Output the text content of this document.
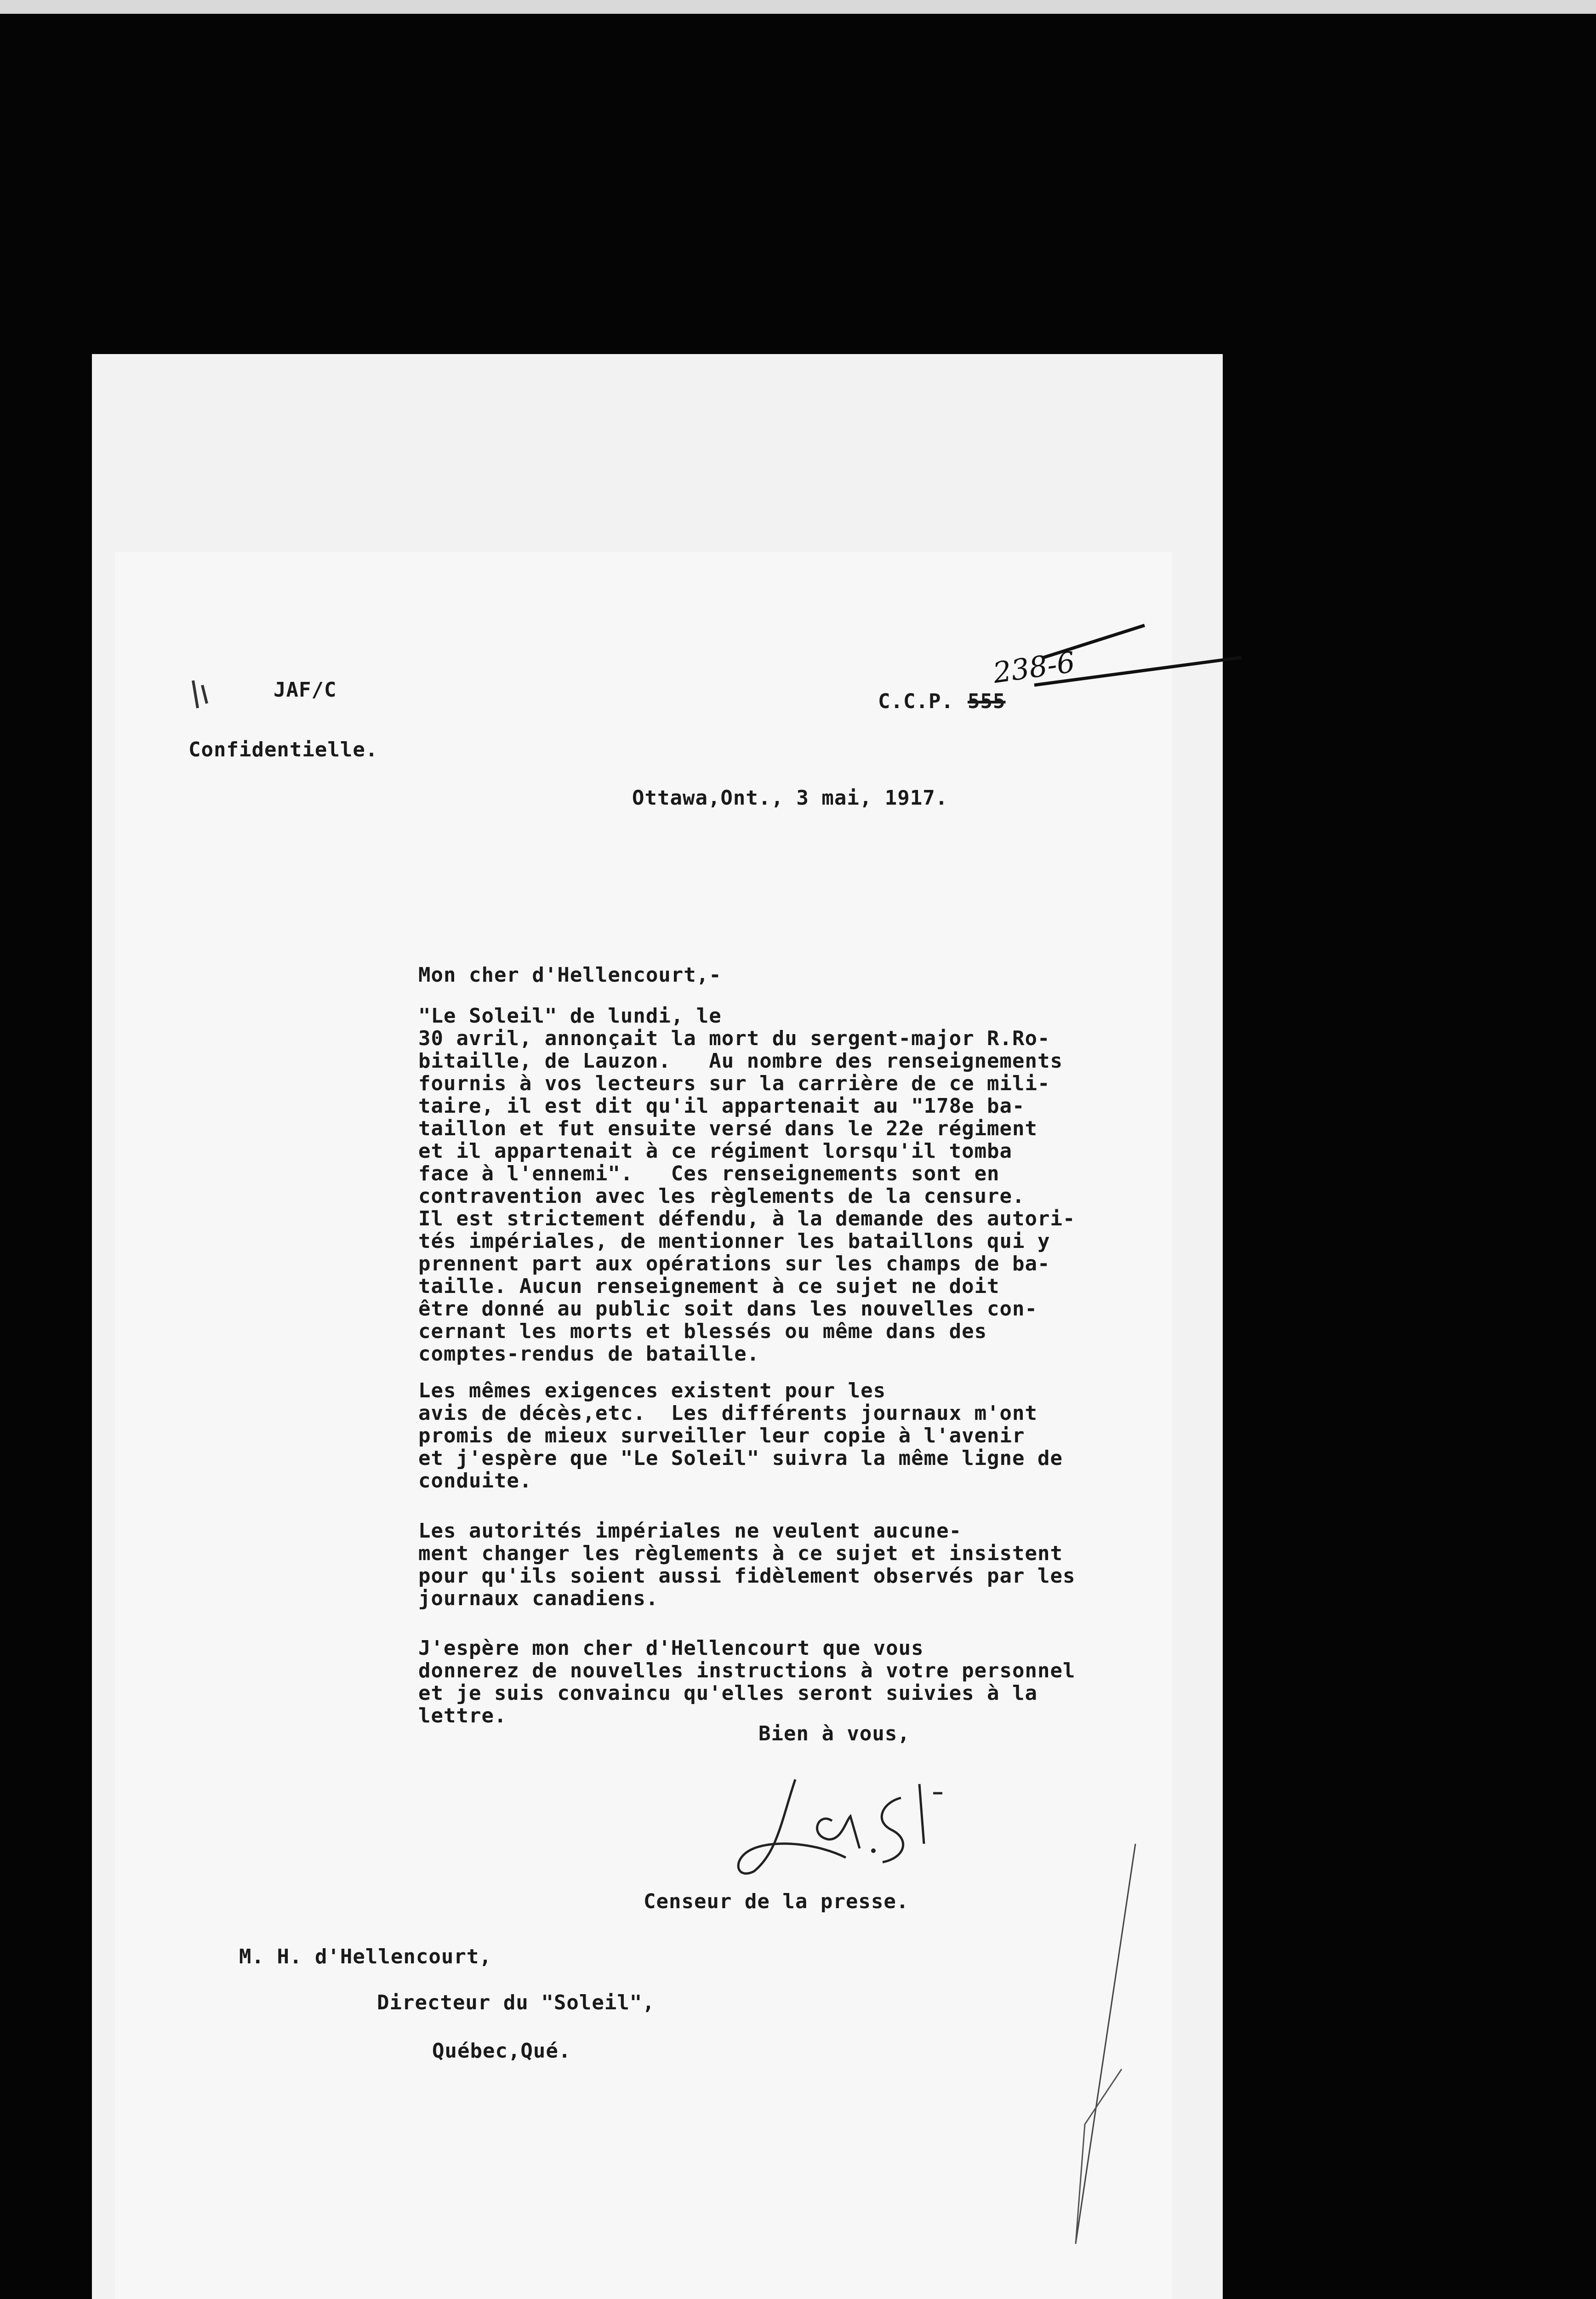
JAF/C
238-6
C.C.P. 555
Confidentielle.
Ottawa,Ont., 3 mai, 1917.
Mon cher d'Hellencourt,-
"Le Soleil" de lundi, le
30 avril, annonçait la mort du sergent-major R.Ro-
bitaille, de Lauzon.   Au nombre des renseignements
fournis à vos lecteurs sur la carrière de ce mili-
taire, il est dit qu'il appartenait au "178e ba-
taillon et fut ensuite versé dans le 22e régiment
et il appartenait à ce régiment lorsqu'il tomba
face à l'ennemi".   Ces renseignements sont en
contravention avec les règlements de la censure.
Il est strictement défendu, à la demande des autori-
tés impériales, de mentionner les bataillons qui y
prennent part aux opérations sur les champs de ba-
taille. Aucun renseignement à ce sujet ne doit
être donné au public soit dans les nouvelles con-
cernant les morts et blessés ou même dans des
comptes-rendus de bataille.
Les mêmes exigences existent pour les
avis de décès,etc.  Les différents journaux m'ont
promis de mieux surveiller leur copie à l'avenir
et j'espère que "Le Soleil" suivra la même ligne de
conduite.
Les autorités impériales ne veulent aucune-
ment changer les règlements à ce sujet et insistent
pour qu'ils soient aussi fidèlement observés par les
journaux canadiens.
J'espère mon cher d'Hellencourt que vous
donnerez de nouvelles instructions à votre personnel
et je suis convaincu qu'elles seront suivies à la
lettre.
Bien à vous,
Censeur de la presse.
M. H. d'Hellencourt,
Directeur du "Soleil",
Québec,Qué.
